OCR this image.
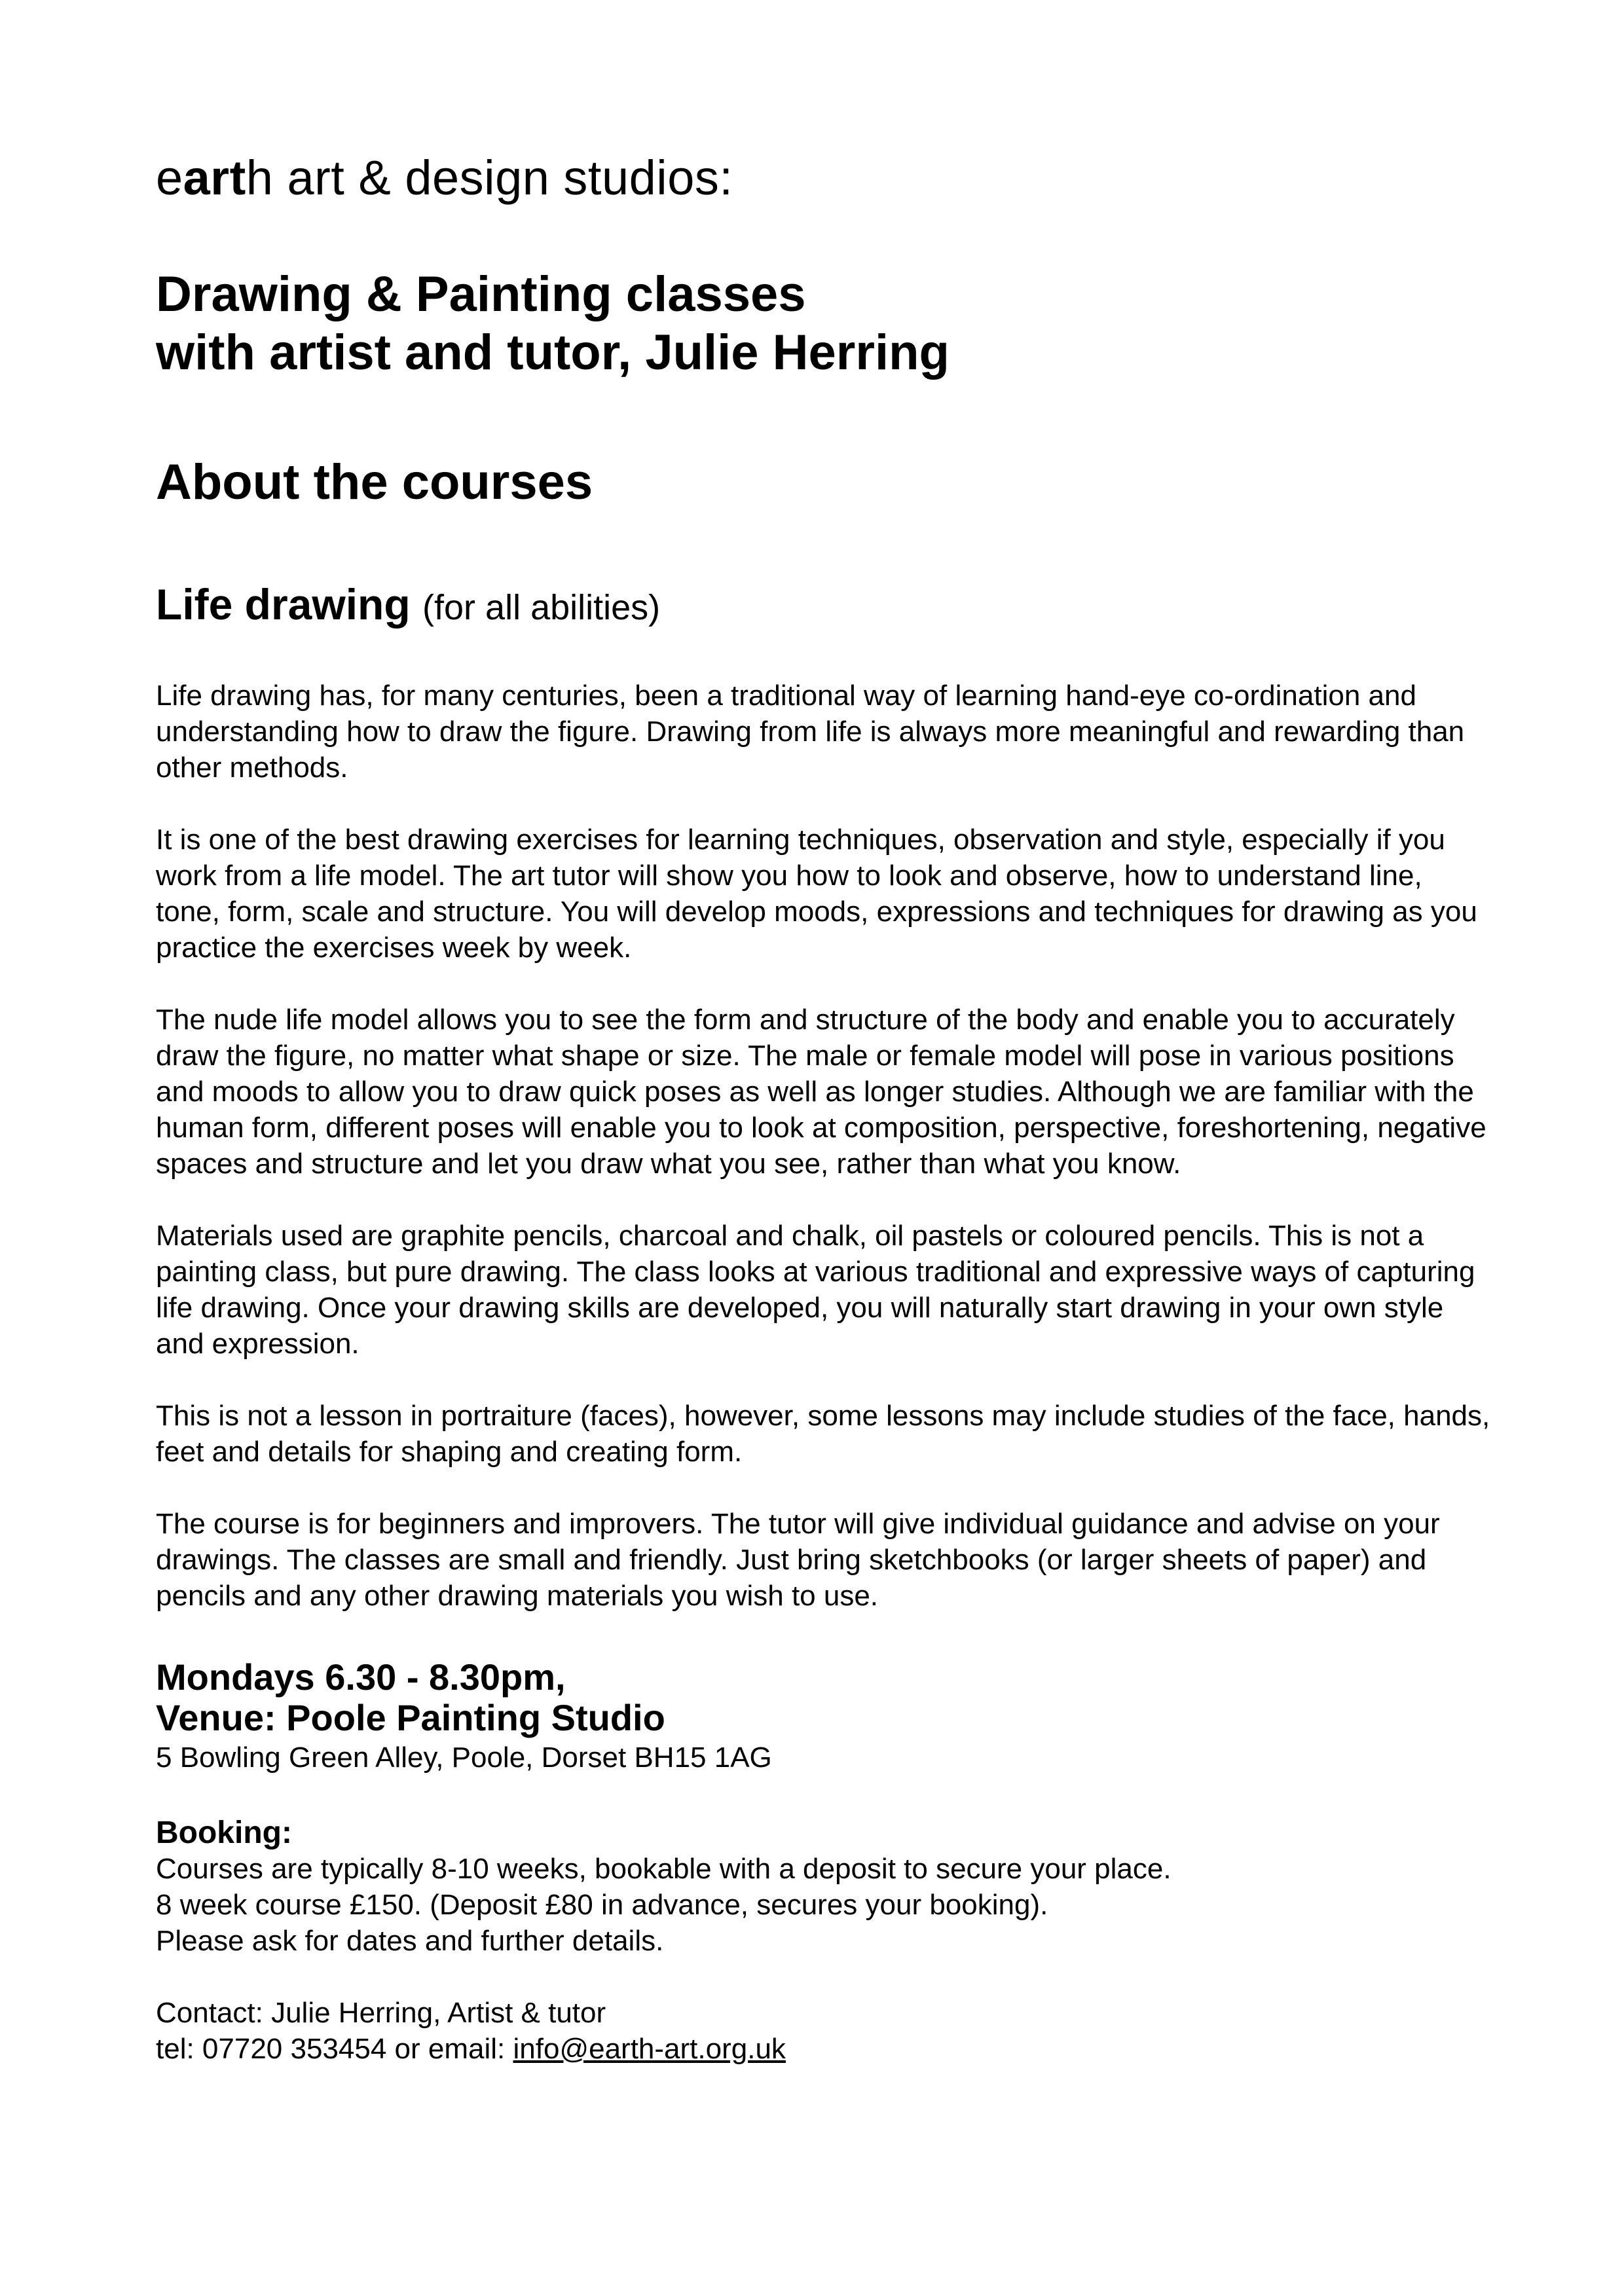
earth art & design studios:

Drawing & Painting classes

with artist and tutor, Julie Herring

About the courses

Life drawing (for all abilities)

Life drawing has, for many centuries, been a traditional way of learning hand-eye co-ordination and understanding how to draw the figure. Drawing from life is always more meaningful and rewarding than other methods.

It is one of the best drawing exercises for learning techniques, observation and style, especially if you work from a life model. The art tutor will show you how to look and observe, how to understand line, tone, form, scale and structure. You will develop moods, expressions and techniques for drawing as you practice the exercises week by week.

The nude life model allows you to see the form and structure of the body and enable you to accurately draw the figure, no matter what shape or size. The male or female model will pose in various positions and moods to allow you to draw quick poses as well as longer studies. Although we are familiar with the human form, different poses will enable you to look at composition, perspective, foreshortening, negative spaces and structure and let you draw what you see, rather than what you know.

Materials used are graphite pencils, charcoal and chalk, oil pastels or coloured pencils. This is not a painting class, but pure drawing. The class looks at various traditional and expressive ways of capturing life drawing. Once your drawing skills are developed, you will naturally start drawing in your own style and expression.

This is not a lesson in portraiture (faces), however, some lessons may include studies of the face, hands, feet and details for shaping and creating form.

The course is for beginners and improvers. The tutor will give individual guidance and advise on your drawings. The classes are small and friendly. Just bring sketchbooks (or larger sheets of paper) and pencils and any other drawing materials you wish to use.

Mondays 6.30 - 8.30pm,
Venue: Poole Painting Studio

5 Bowling Green Alley, Poole, Dorset BH15 1AG

Booking:

Courses are typically 8-10 weeks, bookable with a deposit to secure your place.
8 week course £150. (Deposit £80 in advance, secures your booking).
Please ask for dates and further details.

Contact: Julie Herring, Artist & tutor
tel: 07720 353454 or email: info@earth-art.org.uk
